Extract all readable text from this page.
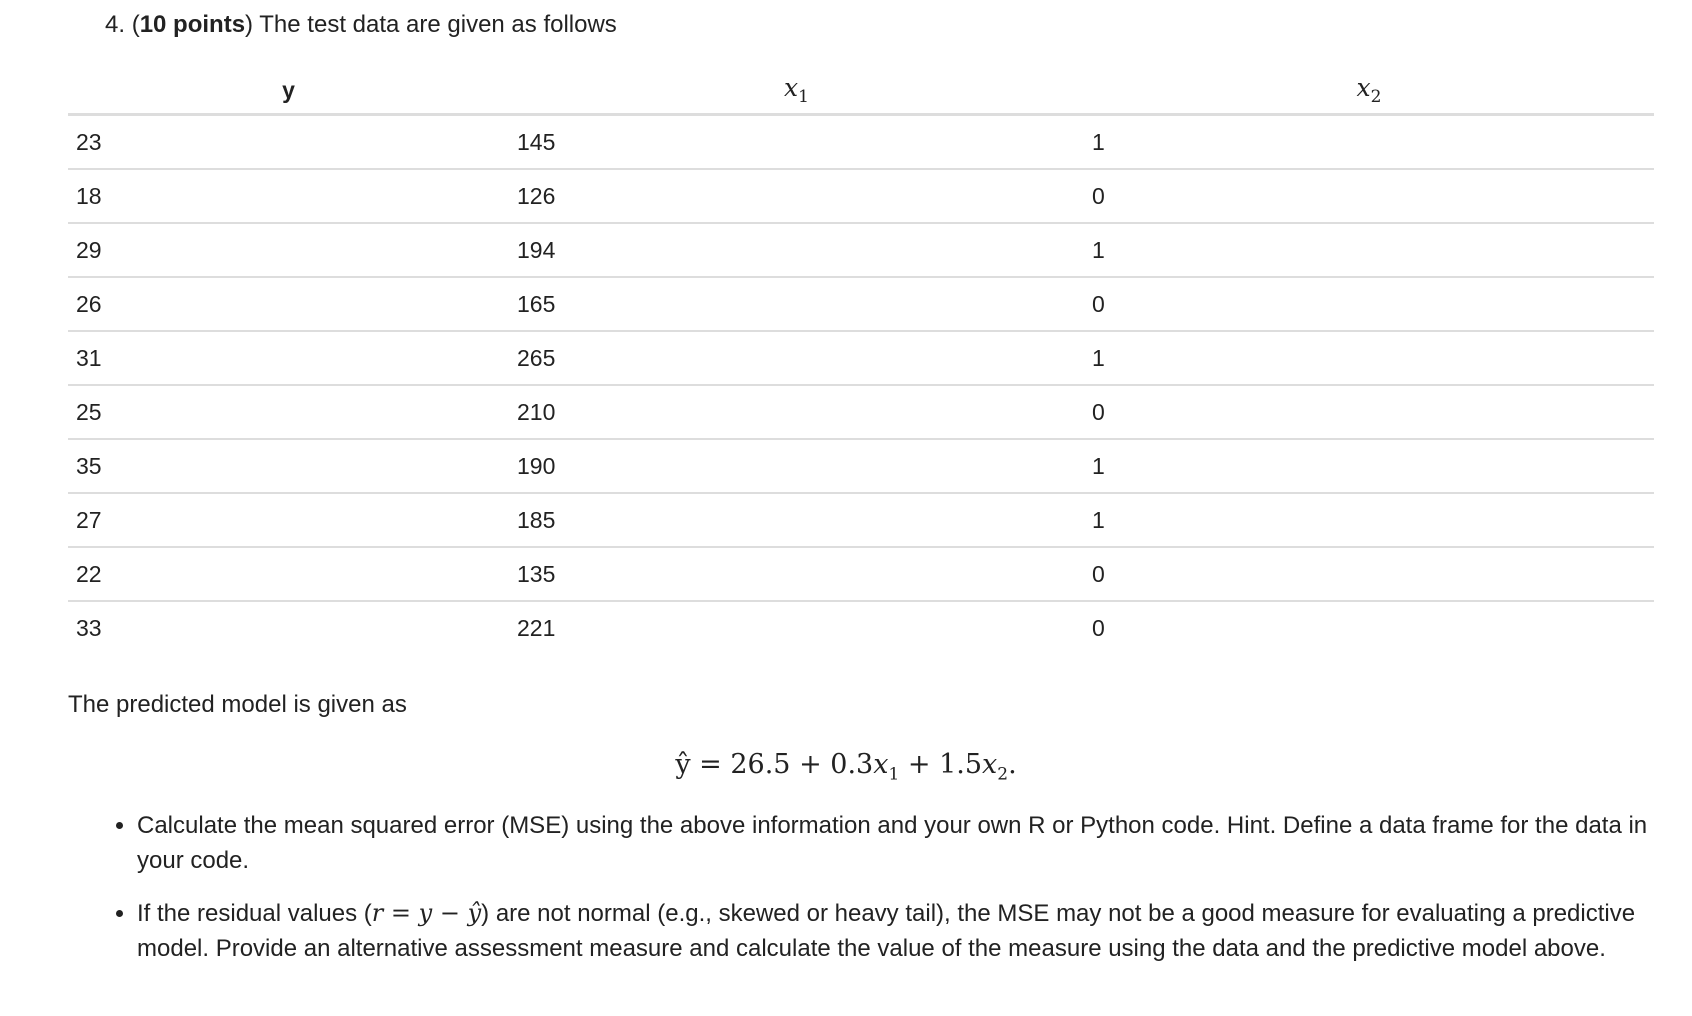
4. (10 points) The test data are given as follows
y	$x_1$	$x_2$
23	145	1
18	126	0
29	194	1
26	165	0
31	265	1
25	210	0
35	190	1
27	185	1
22	135	0
33	221	0
The predicted model is given as
ŷ = $26.5 + 0.3x_1 + 1.5x_2$.
• Calculate the mean squared error (MSE) using the above information and your own R or Python code. Hint. Define a data frame for the data in your code.
• If the residual values (r = y − ŷ) are not normal (e.g., skewed or heavy tail), the MSE may not be a good measure for evaluating a predictive model. Provide an alternative assessment measure and calculate the value of the measure using the data and the predictive model above.
